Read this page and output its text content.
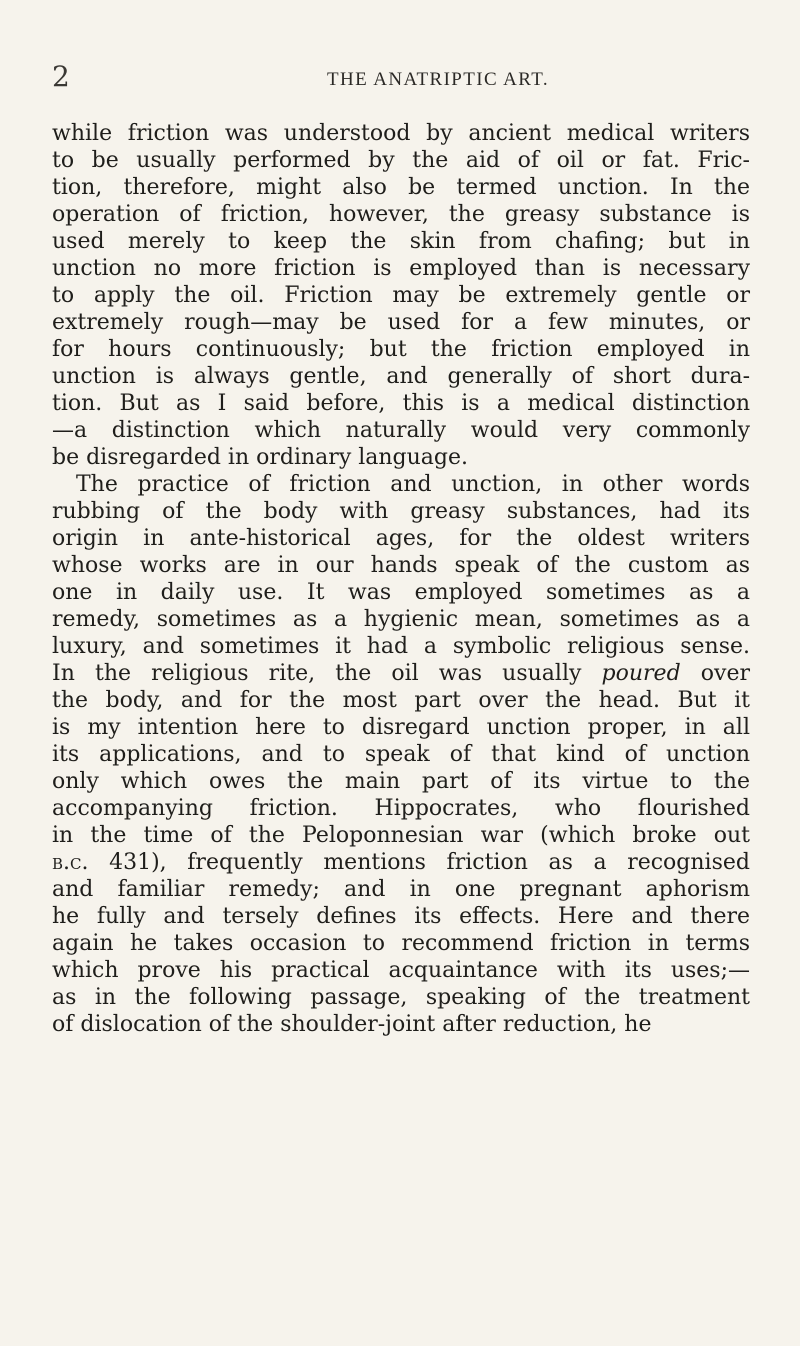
2	THE ANATRIPTIC ART.
while friction was understood by ancient medical writers
to be usually performed by the aid of oil or fat. Fric-
tion, therefore, might also be termed unction. In the
operation of friction, however, the greasy substance is
used merely to keep the skin from chafing; but in
unction no more friction is employed than is necessary
to apply the oil. Friction may be extremely gentle or
extremely rough—may be used for a few minutes, or
for hours continuously; but the friction employed in
unction is always gentle, and generally of short dura-
tion. But as I said before, this is a medical distinction
—a distinction which naturally would very commonly
be disregarded in ordinary language.
The practice of friction and unction, in other words
rubbing of the body with greasy substances, had its
origin in ante-historical ages, for the oldest writers
whose works are in our hands speak of the custom as
one in daily use. It was employed sometimes as a
remedy, sometimes as a hygienic mean, sometimes as a
luxury, and sometimes it had a symbolic religious sense.
In the religious rite, the oil was usually poured over
the body, and for the most part over the head. But it
is my intention here to disregard unction proper, in all
its applications, and to speak of that kind of unction
only which owes the main part of its virtue to the
accompanying friction. Hippocrates, who flourished
in the time of the Peloponnesian war (which broke out
b.c. 431), frequently mentions friction as a recognised
and familiar remedy; and in one pregnant aphorism
he fully and tersely defines its effects. Here and there
again he takes occasion to recommend friction in terms
which prove his practical acquaintance with its uses;—
as in the following passage, speaking of the treatment
of dislocation of the shoulder-joint after reduction, he
